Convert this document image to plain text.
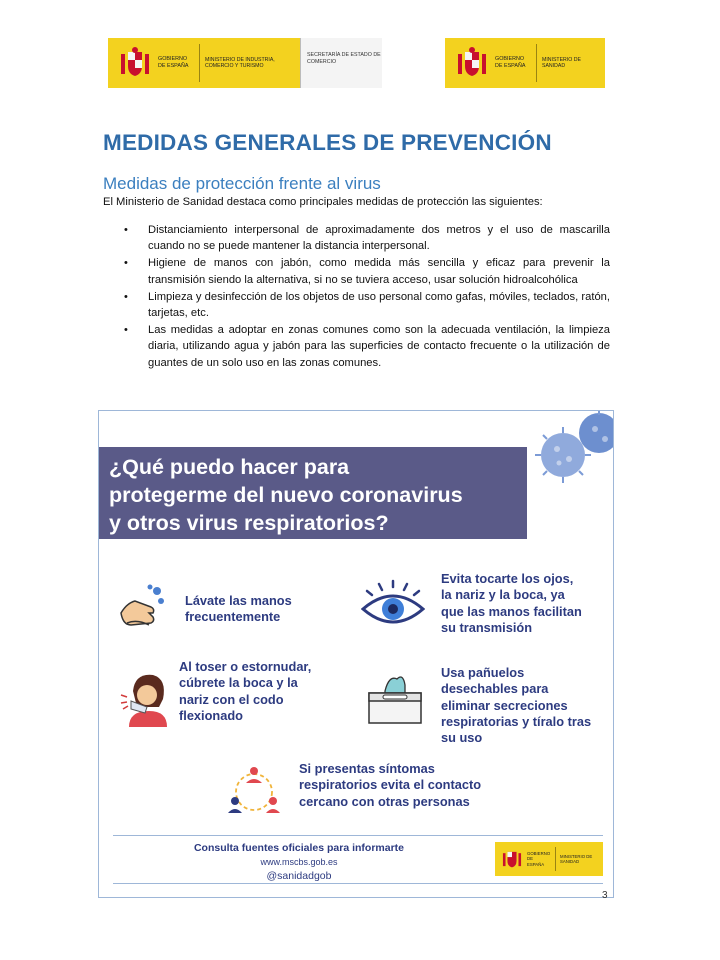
GOBIERNO DE ESPAÑA
MINISTERIO DE INDUSTRIA, COMERCIO Y TURISMO
SECRETARÍA DE ESTADO DE COMERCIO	GOBIERNO DE ESPAÑA
MINISTERIO DE SANIDAD
MEDIDAS GENERALES DE PREVENCIÓN
Medidas de protección frente al virus
El Ministerio de Sanidad destaca como principales medidas de protección las siguientes:
• Distanciamiento interpersonal de aproximadamente dos metros y el uso de mascarilla cuando no se puede mantener la distancia interpersonal.
• Higiene de manos con jabón, como medida más sencilla y eficaz para prevenir la transmisión siendo la alternativa, si no se tuviera acceso, usar solución hidroalcohólica
• Limpieza y desinfección de los objetos de uso personal como gafas, móviles, teclados, ratón, tarjetas, etc.
• Las medidas a adoptar en zonas comunes como son la adecuada ventilación, la limpieza diaria, utilizando agua y jabón para las superficies de contacto frecuente o la utilización de guantes de un solo uso en las zonas comunes.
¿Qué puedo hacer para
protegerme del nuevo coronavirus
y otros virus respiratorios?
Lávate las manos
frecuentemente
Evita tocarte los ojos,
la nariz y la boca, ya
que las manos facilitan
su transmisión
Al toser o estornudar,
cúbrete la boca y la
nariz con el codo
flexionado
Usa pañuelos
desechables para
eliminar secreciones
respiratorias y tíralo tras
su uso
Si presentas síntomas
respiratorios evita el contacto
cercano con otras personas
Consulta fuentes oficiales para informarte
www.mscbs.gob.es
@sanidadgob
GOBIERNO DE ESPAÑA
MINISTERIO DE SANIDAD
3
